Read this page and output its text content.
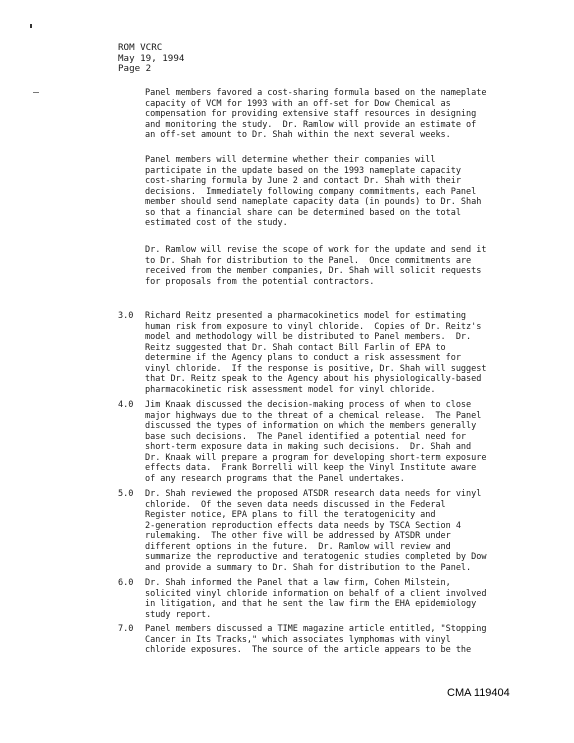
ROM VCRC
May 19, 1994
Page 2
Panel members favored a cost-sharing formula based on the nameplate
capacity of VCM for 1993 with an off-set for Dow Chemical as
compensation for providing extensive staff resources in designing
and monitoring the study.  Dr. Ramlow will provide an estimate of
an off-set amount to Dr. Shah within the next several weeks.
Panel members will determine whether their companies will
participate in the update based on the 1993 nameplate capacity
cost-sharing formula by June 2 and contact Dr. Shah with their
decisions.  Immediately following company commitments, each Panel
member should send nameplate capacity data (in pounds) to Dr. Shah
so that a financial share can be determined based on the total
estimated cost of the study.
Dr. Ramlow will revise the scope of work for the update and send it
to Dr. Shah for distribution to the Panel.  Once commitments are
received from the member companies, Dr. Shah will solicit requests
for proposals from the potential contractors.
3.0 Richard Reitz presented a pharmacokinetics model for estimating
human risk from exposure to vinyl chloride.  Copies of Dr. Reitz's
model and methodology will be distributed to Panel members.  Dr.
Reitz suggested that Dr. Shah contact Bill Farlin of EPA to
determine if the Agency plans to conduct a risk assessment for
vinyl chloride.  If the response is positive, Dr. Shah will suggest
that Dr. Reitz speak to the Agency about his physiologically-based
pharmacokinetic risk assessment model for vinyl chloride.
4.0 Jim Knaak discussed the decision-making process of when to close
major highways due to the threat of a chemical release.  The Panel
discussed the types of information on which the members generally
base such decisions.  The Panel identified a potential need for
short-term exposure data in making such decisions.  Dr. Shah and
Dr. Knaak will prepare a program for developing short-term exposure
effects data.  Frank Borrelli will keep the Vinyl Institute aware
of any research programs that the Panel undertakes.
5.0 Dr. Shah reviewed the proposed ATSDR research data needs for vinyl
chloride.  Of the seven data needs discussed in the Federal
Register notice, EPA plans to fill the teratogenicity and
2-generation reproduction effects data needs by TSCA Section 4
rulemaking.  The other five will be addressed by ATSDR under
different options in the future.  Dr. Ramlow will review and
summarize the reproductive and teratogenic studies completed by Dow
and provide a summary to Dr. Shah for distribution to the Panel.
6.0 Dr. Shah informed the Panel that a law firm, Cohen Milstein,
solicited vinyl chloride information on behalf of a client involved
in litigation, and that he sent the law firm the EHA epidemiology
study report.
7.0 Panel members discussed a TIME magazine article entitled, "Stopping
Cancer in Its Tracks," which associates lymphomas with vinyl
chloride exposures.  The source of the article appears to be the
CMA 119404
